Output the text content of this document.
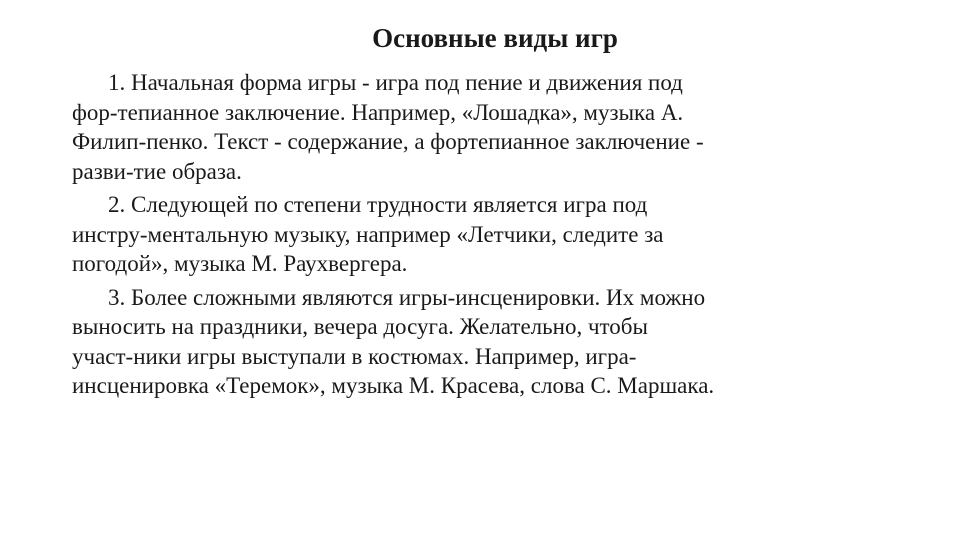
Основные виды игр
1. Начальная форма игры - игра под пение и движения под
фор-тепианное заключение. Например, «Лошадка», музыка А.
Филип-пенко. Текст - содержание, а фортепианное заключение -
разви-тие образа.
2. Следующей по степени трудности является игра под
инстру-ментальную музыку, например «Летчики, следите за
погодой», музыка М. Раухвергера.
3. Более сложными являются игры-инсценировки. Их можно
выносить на праздники, вечера досуга. Желательно, чтобы
участ-ники игры выступали в костюмах. Например, игра-
инсценировка «Теремок», музыка М. Красева, слова С. Маршака.
